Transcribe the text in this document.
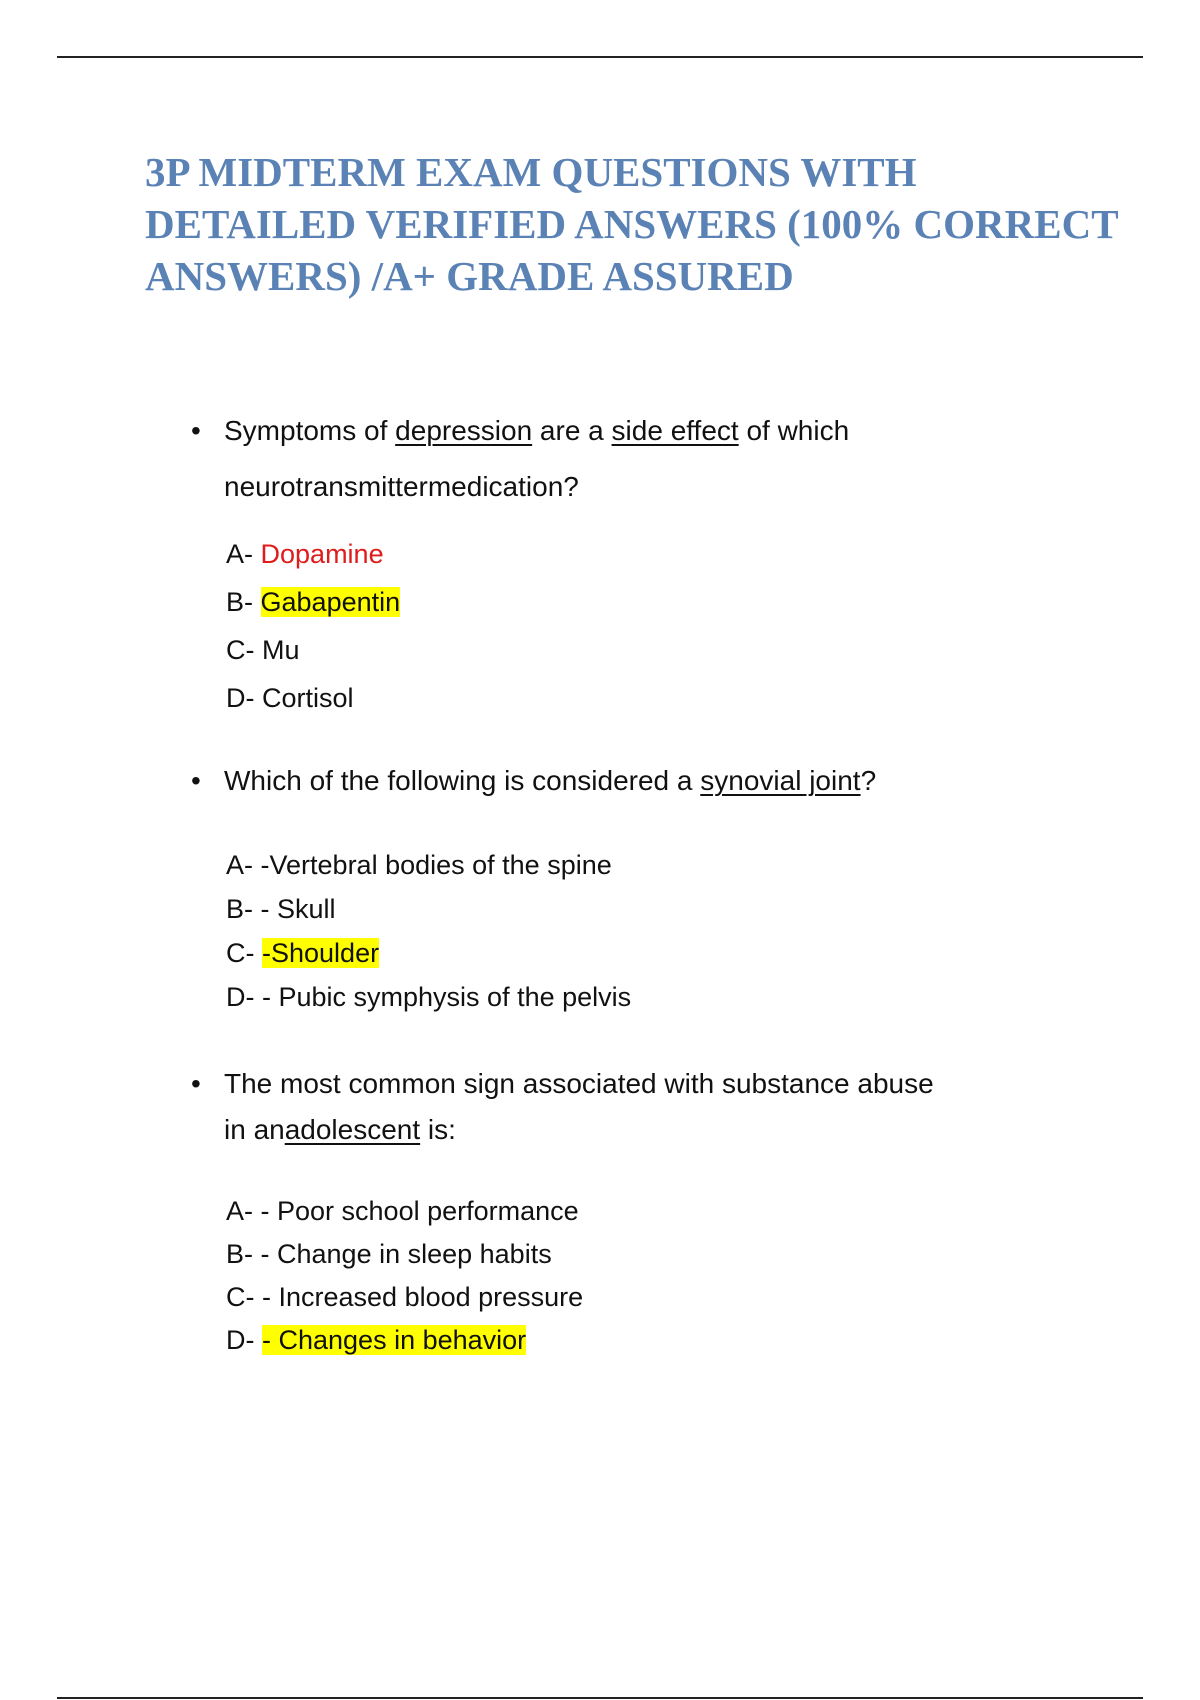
3P MIDTERM EXAM QUESTIONS WITH
DETAILED VERIFIED ANSWERS (100% CORRECT
ANSWERS) /A+ GRADE ASSURED
• Symptoms of depression are a side effect of which
neurotransmittermedication?
A- Dopamine
B- Gabapentin
C- Mu
D- Cortisol
• Which of the following is considered a synovial joint?
A- -Vertebral bodies of the spine
B- - Skull
C- -Shoulder
D- - Pubic symphysis of the pelvis
• The most common sign associated with substance abuse
in anadolescent is:
A- - Poor school performance
B- - Change in sleep habits
C- - Increased blood pressure
D- - Changes in behavior
